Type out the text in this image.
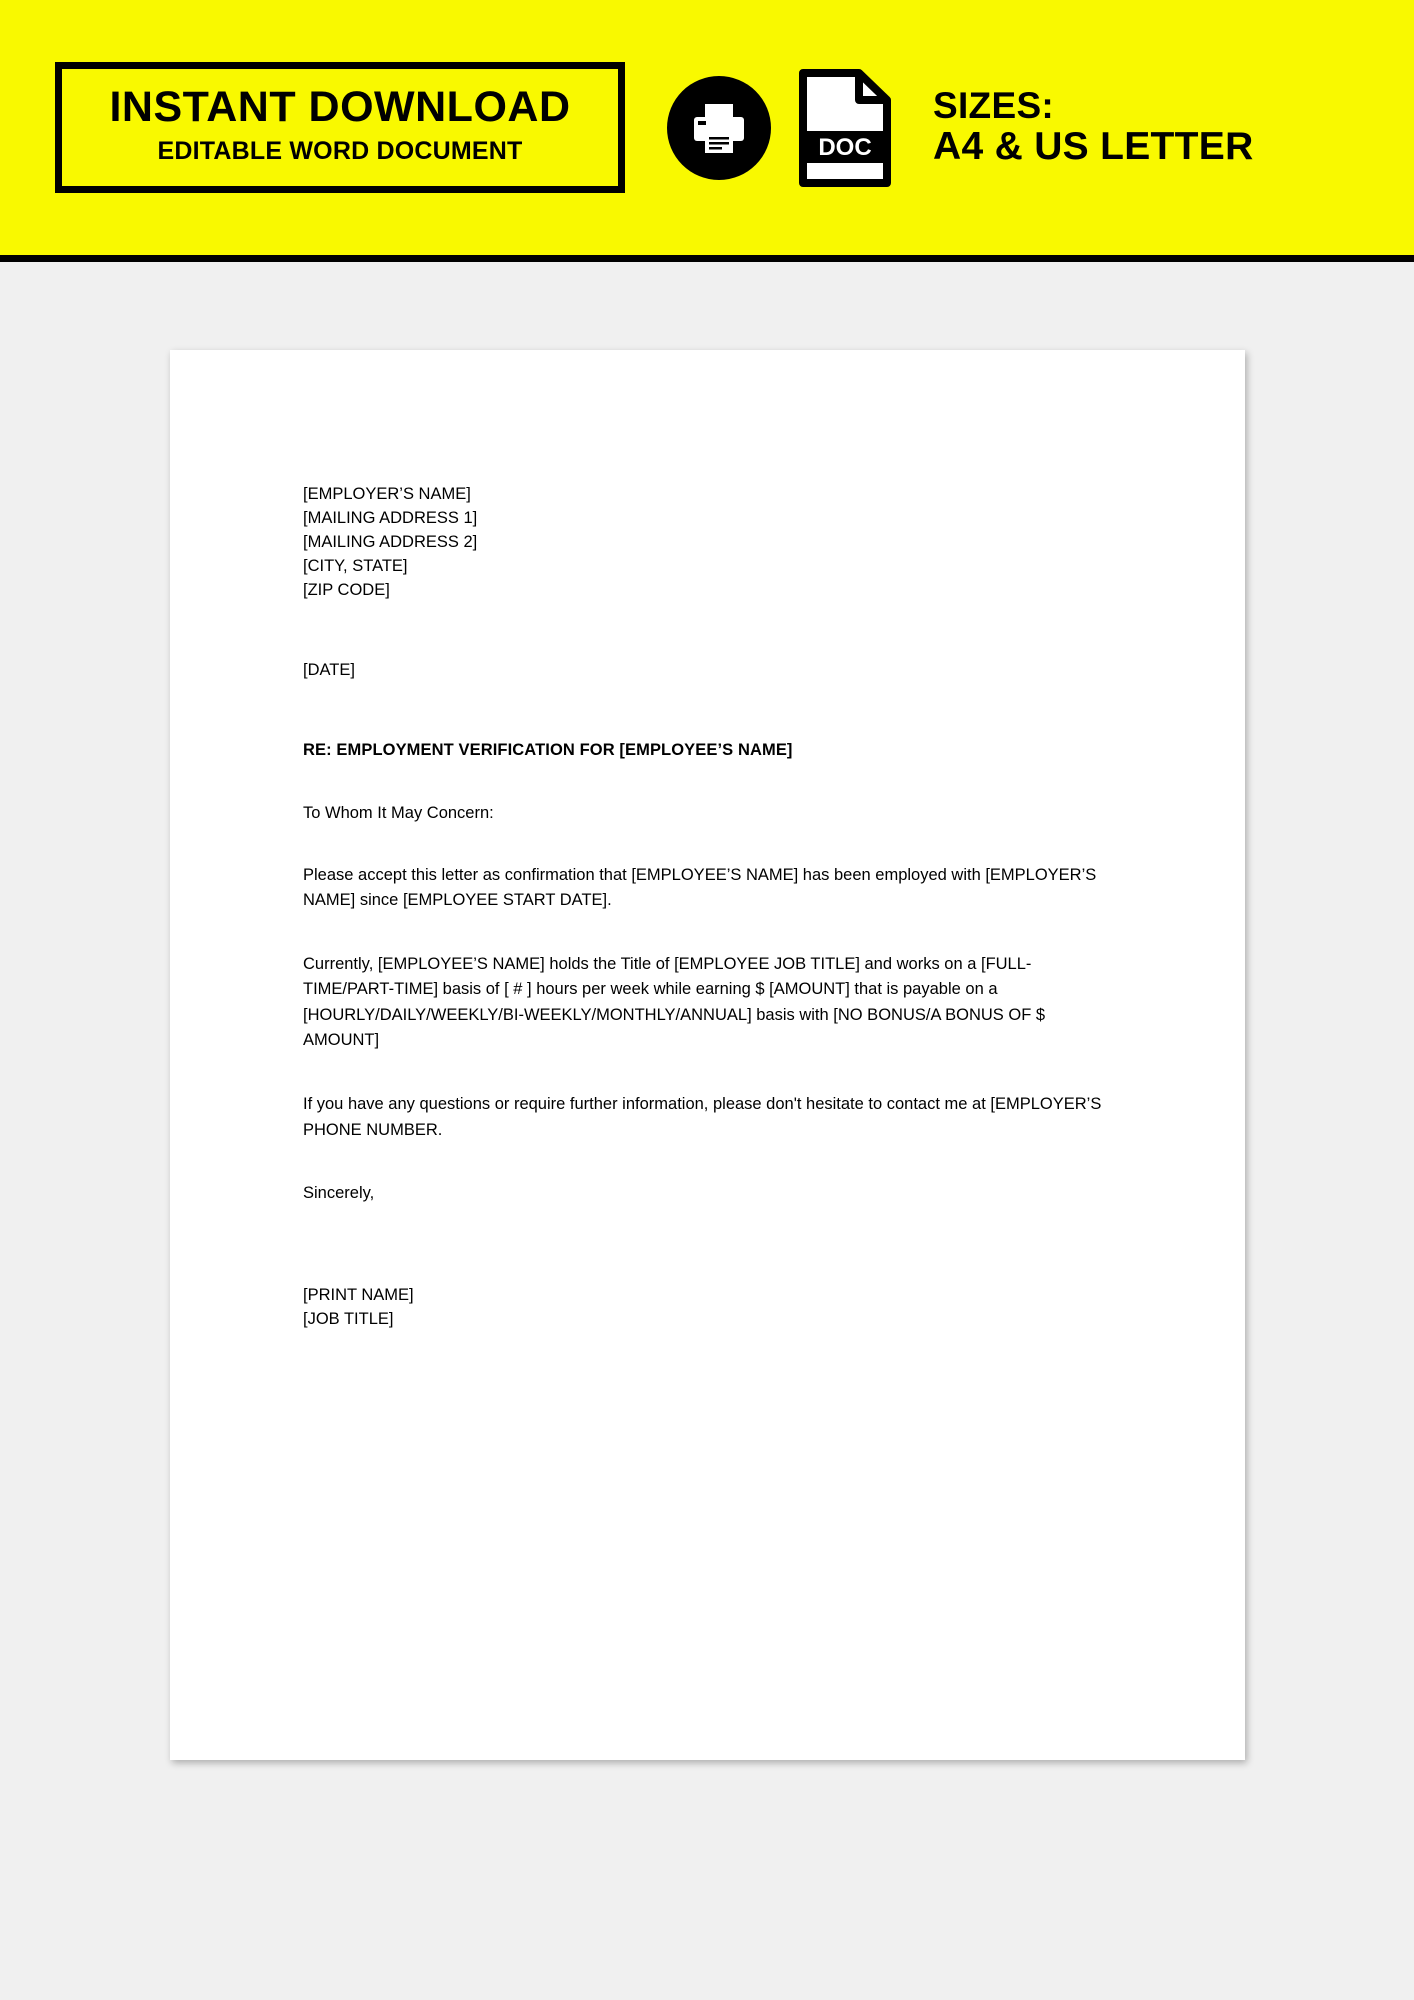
INSTANT DOWNLOAD
EDITABLE WORD DOCUMENT	DOC
SIZES:
A4 & US LETTER
[EMPLOYER’S NAME]
[MAILING ADDRESS 1]
[MAILING ADDRESS 2]
[CITY, STATE]
[ZIP CODE]
[DATE]
RE: EMPLOYMENT VERIFICATION FOR [EMPLOYEE’S NAME]
To Whom It May Concern:

Please accept this letter as confirmation that [EMPLOYEE’S NAME] has been employed with [EMPLOYER’S NAME] since [EMPLOYEE START DATE].

Currently, [EMPLOYEE’S NAME] holds the Title of [EMPLOYEE JOB TITLE] and works on a [FULL-TIME/PART-TIME] basis of [ # ] hours per week while earning $ [AMOUNT] that is payable on a [HOURLY/DAILY/WEEKLY/BI-WEEKLY/MONTHLY/ANNUAL] basis with [NO BONUS/A BONUS OF $ AMOUNT]

If you have any questions or require further information, please don't hesitate to contact me at [EMPLOYER’S PHONE NUMBER.

Sincerely,
[PRINT NAME]
[JOB TITLE]
